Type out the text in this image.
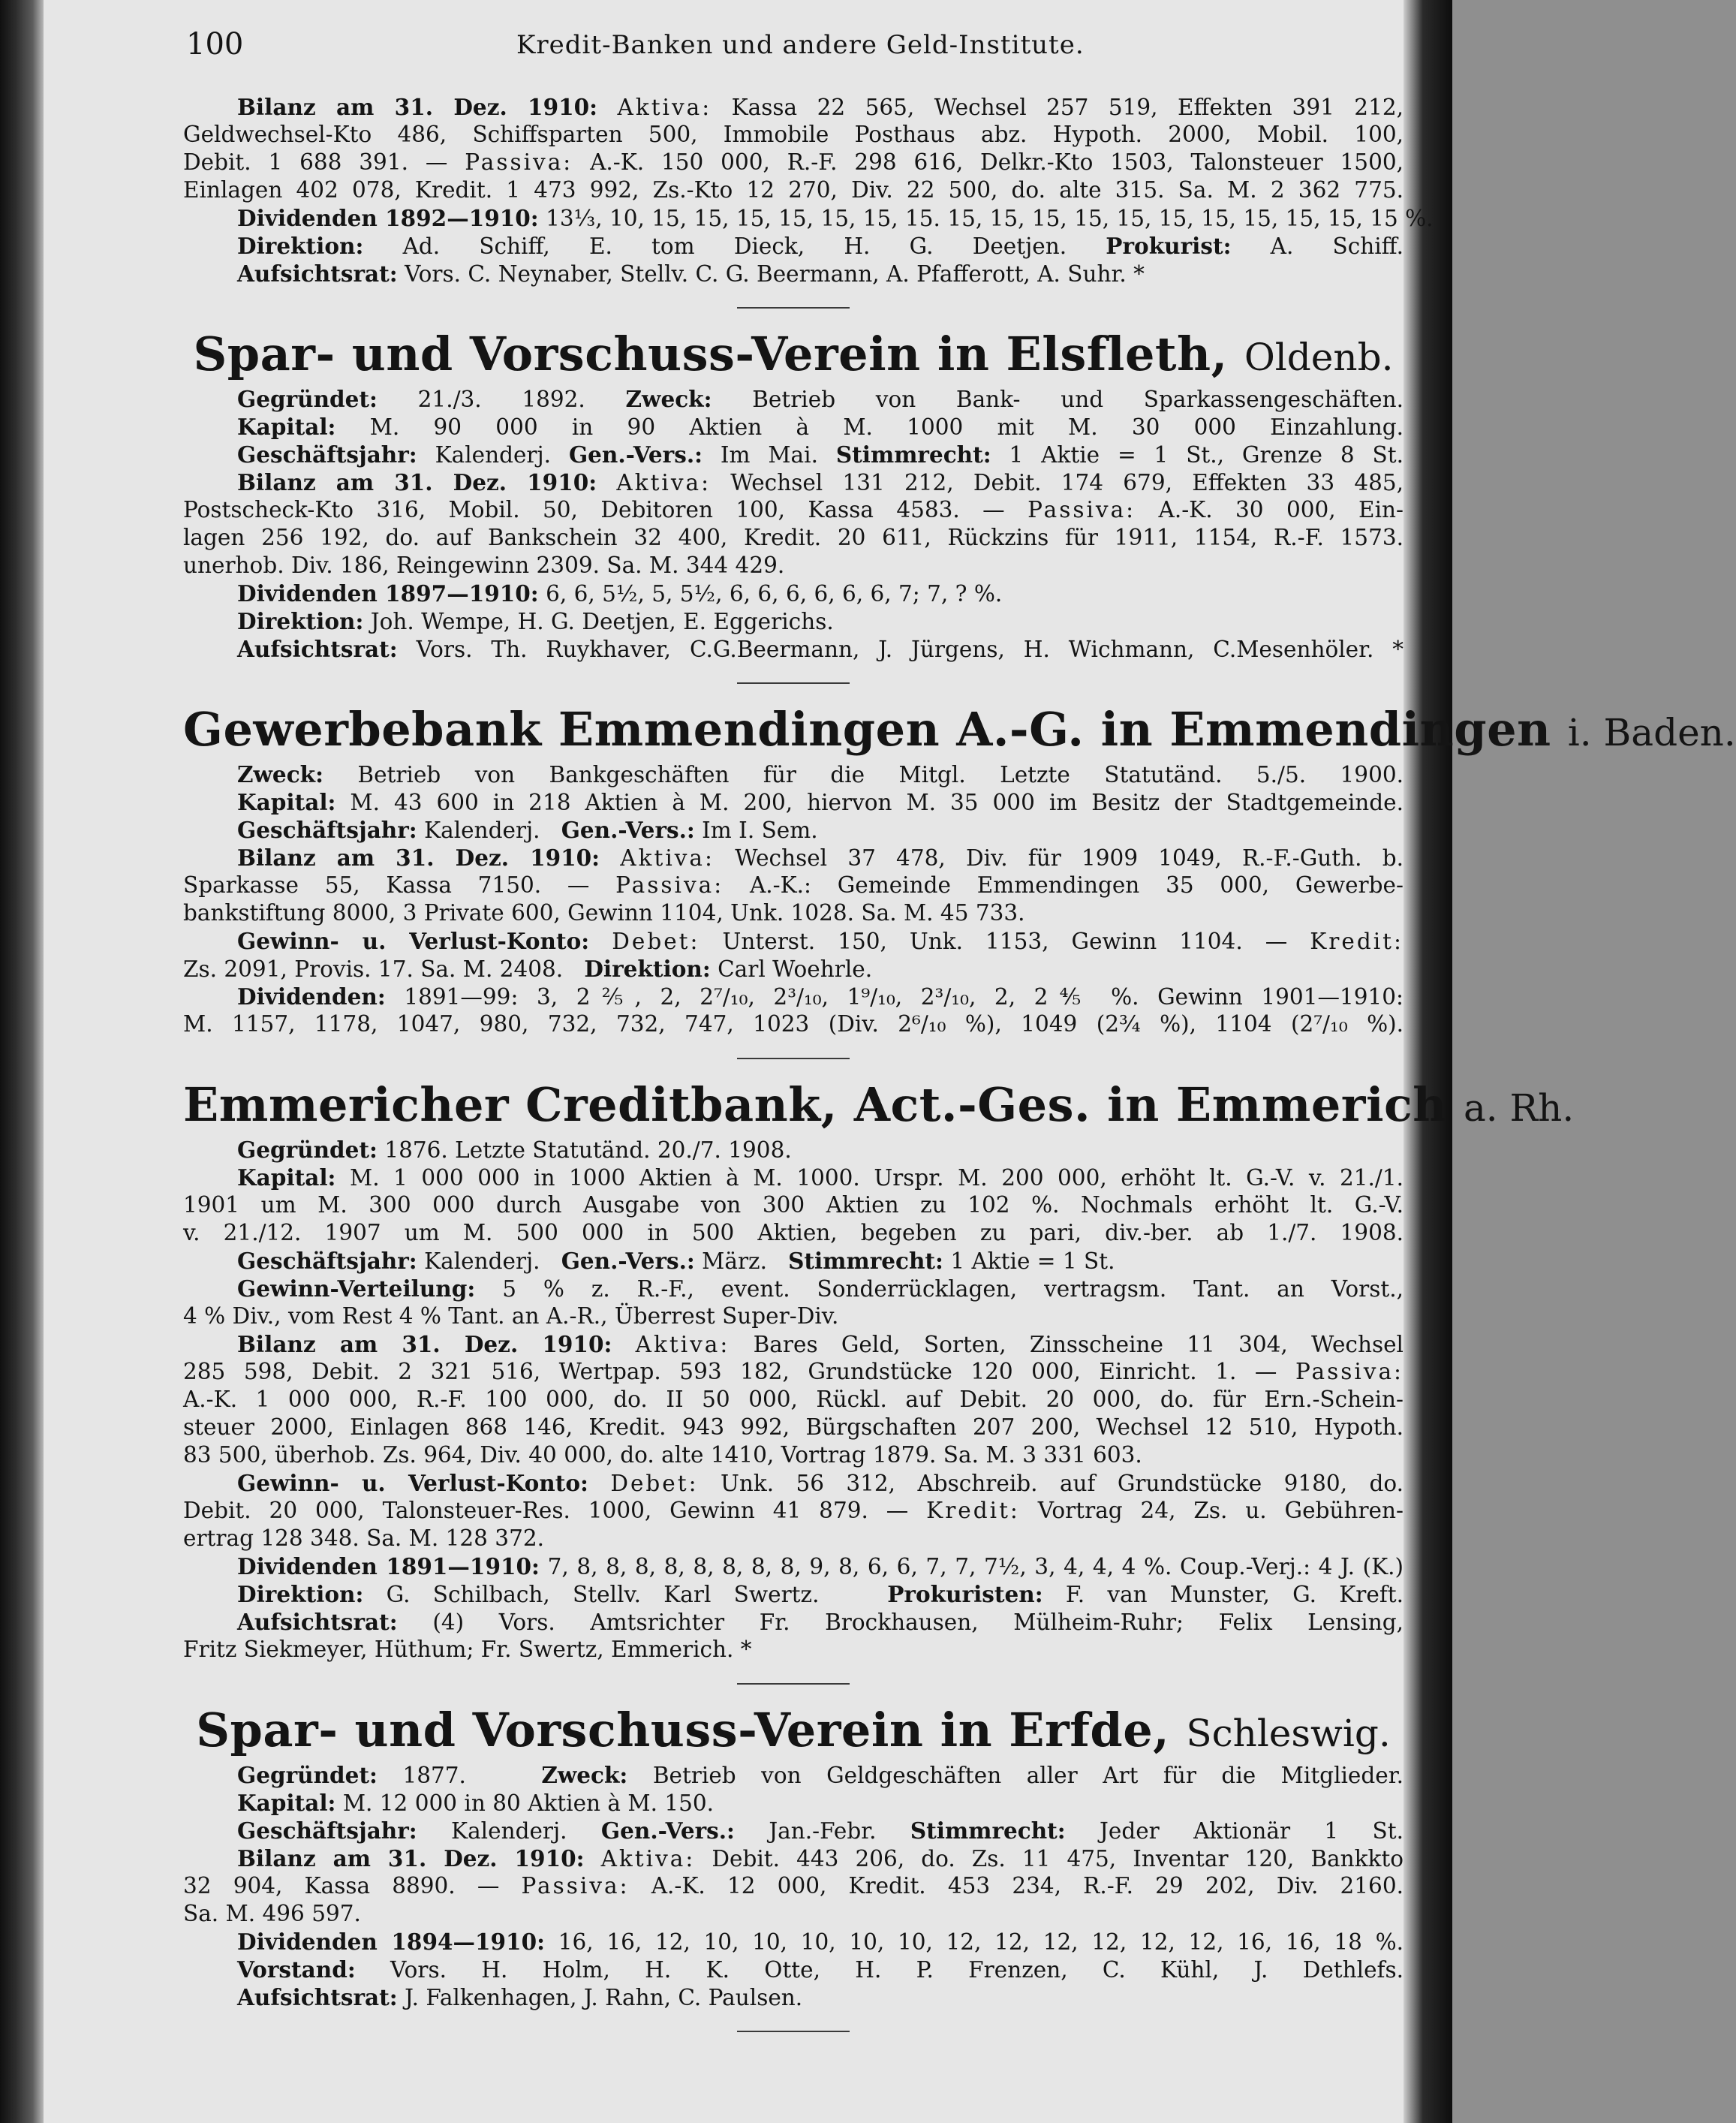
100	Kredit-Banken und andere Geld-Institute.
Bilanz am 31. Dez. 1910: Aktiva: Kassa 22 565, Wechsel 257 519, Effekten 391 212,
Geldwechsel-Kto 486, Schiffsparten 500, Immobile Posthaus abz. Hypoth. 2000, Mobil. 100,
Debit. 1 688 391. — Passiva: A.-K. 150 000, R.-F. 298 616, Delkr.-Kto 1503, Talonsteuer 1500,
Einlagen 402 078, Kredit. 1 473 992, Zs.-Kto 12 270, Div. 22 500, do. alte 315. Sa. M. 2 362 775.
Dividenden 1892—1910: 13⅓, 10, 15, 15, 15, 15, 15, 15, 15. 15, 15, 15, 15, 15, 15, 15, 15, 15, 15, 15 %.
Direktion: Ad. Schiff, E. tom Dieck, H. G. Deetjen. Prokurist: A. Schiff.
Aufsichtsrat: Vors. C. Neynaber, Stellv. C. G. Beermann, A. Pfafferott, A. Suhr. *
Spar- und Vorschuss-Verein in Elsfleth, Oldenb.
Gegründet: 21./3. 1892. Zweck: Betrieb von Bank- und Sparkassengeschäften.
Kapital: M. 90 000 in 90 Aktien à M. 1000 mit M. 30 000 Einzahlung.
Geschäftsjahr: Kalenderj. Gen.-Vers.: Im Mai. Stimmrecht: 1 Aktie = 1 St., Grenze 8 St.
Bilanz am 31. Dez. 1910: Aktiva: Wechsel 131 212, Debit. 174 679, Effekten 33 485,
Postscheck-Kto 316, Mobil. 50, Debitoren 100, Kassa 4583. — Passiva: A.-K. 30 000, Ein-
lagen 256 192, do. auf Bankschein 32 400, Kredit. 20 611, Rückzins für 1911, 1154, R.-F. 1573.
unerhob. Div. 186, Reingewinn 2309. Sa. M. 344 429.
Dividenden 1897—1910: 6, 6, 5½, 5, 5½, 6, 6, 6, 6, 6, 6, 7; 7, ? %.
Direktion: Joh. Wempe, H. G. Deetjen, E. Eggerichs.
Aufsichtsrat: Vors. Th. Ruykhaver, C.G.Beermann, J. Jürgens, H. Wichmann, C.Mesenhöler. *
Gewerbebank Emmendingen A.-G. in Emmendingen i. Baden.
Zweck: Betrieb von Bankgeschäften für die Mitgl. Letzte Statutänd. 5./5. 1900.
Kapital: M. 43 600 in 218 Aktien à M. 200, hiervon M. 35 000 im Besitz der Stadtgemeinde.
Geschäftsjahr: Kalenderj. Gen.-Vers.: Im I. Sem.
Bilanz am 31. Dez. 1910: Aktiva: Wechsel 37 478, Div. für 1909 1049, R.-F.-Guth. b.
Sparkasse 55, Kassa 7150. — Passiva: A.-K.: Gemeinde Emmendingen 35 000, Gewerbe-
bankstiftung 8000, 3 Private 600, Gewinn 1104, Unk. 1028. Sa. M. 45 733.
Gewinn- u. Verlust-Konto: Debet: Unterst. 150, Unk. 1153, Gewinn 1104. — Kredit:
Zs. 2091, Provis. 17. Sa. M. 2408. Direktion: Carl Woehrle.
Dividenden: 1891—99: 3, 2⅖, 2, 2⁷/₁₀, 2³/₁₀, 1⁹/₁₀, 2³/₁₀, 2, 2⅘ %. Gewinn 1901—1910:
M. 1157, 1178, 1047, 980, 732, 732, 747, 1023 (Div. 2⁶/₁₀ %), 1049 (2¾ %), 1104 (2⁷/₁₀ %).
Emmericher Creditbank, Act.-Ges. in Emmerich a. Rh.
Gegründet: 1876. Letzte Statutänd. 20./7. 1908.
Kapital: M. 1 000 000 in 1000 Aktien à M. 1000. Urspr. M. 200 000, erhöht lt. G.-V. v. 21./1.
1901 um M. 300 000 durch Ausgabe von 300 Aktien zu 102 %. Nochmals erhöht lt. G.-V.
v. 21./12. 1907 um M. 500 000 in 500 Aktien, begeben zu pari, div.-ber. ab 1./7. 1908.
Geschäftsjahr: Kalenderj. Gen.-Vers.: März. Stimmrecht: 1 Aktie = 1 St.
Gewinn-Verteilung: 5 % z. R.-F., event. Sonderrücklagen, vertragsm. Tant. an Vorst.,
4 % Div., vom Rest 4 % Tant. an A.-R., Überrest Super-Div.
Bilanz am 31. Dez. 1910: Aktiva: Bares Geld, Sorten, Zinsscheine 11 304, Wechsel
285 598, Debit. 2 321 516, Wertpap. 593 182, Grundstücke 120 000, Einricht. 1. — Passiva:
A.-K. 1 000 000, R.-F. 100 000, do. II 50 000, Rückl. auf Debit. 20 000, do. für Ern.-Schein-
steuer 2000, Einlagen 868 146, Kredit. 943 992, Bürgschaften 207 200, Wechsel 12 510, Hypoth.
83 500, überhob. Zs. 964, Div. 40 000, do. alte 1410, Vortrag 1879. Sa. M. 3 331 603.
Gewinn- u. Verlust-Konto: Debet: Unk. 56 312, Abschreib. auf Grundstücke 9180, do.
Debit. 20 000, Talonsteuer-Res. 1000, Gewinn 41 879. — Kredit: Vortrag 24, Zs. u. Gebühren-
ertrag 128 348. Sa. M. 128 372.
Dividenden 1891—1910: 7, 8, 8, 8, 8, 8, 8, 8, 8, 9, 8, 6, 6, 7, 7, 7½, 3, 4, 4, 4 %. Coup.-Verj.: 4 J. (K.)
Direktion: G. Schilbach, Stellv. Karl Swertz.	Prokuristen: F. van Munster, G. Kreft.
Aufsichtsrat: (4) Vors. Amtsrichter Fr. Brockhausen, Mülheim-Ruhr; Felix Lensing,
Fritz Siekmeyer, Hüthum; Fr. Swertz, Emmerich. *
Spar- und Vorschuss-Verein in Erfde, Schleswig.
Gegründet: 1877.	Zweck: Betrieb von Geldgeschäften aller Art für die Mitglieder.
Kapital: M. 12 000 in 80 Aktien à M. 150.
Geschäftsjahr: Kalenderj. Gen.-Vers.: Jan.-Febr. Stimmrecht: Jeder Aktionär 1 St.
Bilanz am 31. Dez. 1910: Aktiva: Debit. 443 206, do. Zs. 11 475, Inventar 120, Bankkto
32 904, Kassa 8890. — Passiva: A.-K. 12 000, Kredit. 453 234, R.-F. 29 202, Div. 2160.
Sa. M. 496 597.
Dividenden 1894—1910: 16, 16, 12, 10, 10, 10, 10, 10, 12, 12, 12, 12, 12, 12, 16, 16, 18 %.
Vorstand: Vors. H. Holm, H. K. Otte, H. P. Frenzen, C. Kühl, J. Dethlefs.
Aufsichtsrat: J. Falkenhagen, J. Rahn, C. Paulsen.
